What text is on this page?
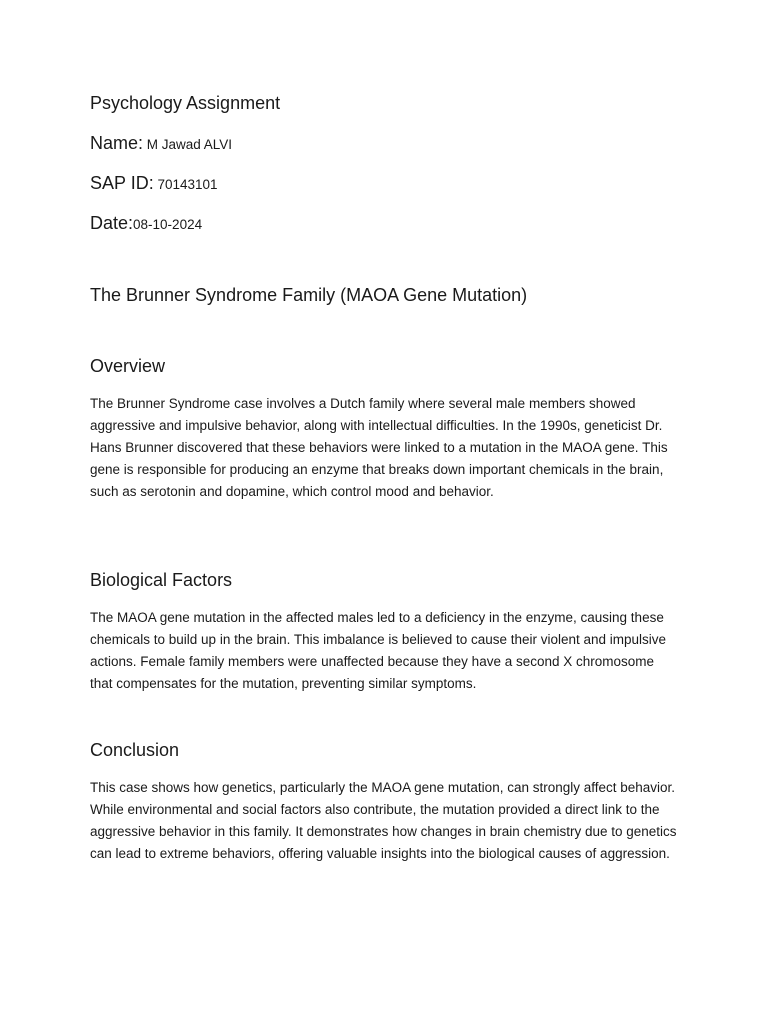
Psychology Assignment
Name: M Jawad ALVI
SAP ID: 70143101
Date:08-10-2024
The Brunner Syndrome Family (MAOA Gene Mutation)
Overview

The Brunner Syndrome case involves a Dutch family where several male members showed aggressive and impulsive behavior, along with intellectual difficulties. In the 1990s, geneticist Dr. Hans Brunner discovered that these behaviors were linked to a mutation in the MAOA gene. This gene is responsible for producing an enzyme that breaks down important chemicals in the brain, such as serotonin and dopamine, which control mood and behavior.

Biological Factors

The MAOA gene mutation in the affected males led to a deficiency in the enzyme, causing these chemicals to build up in the brain. This imbalance is believed to cause their violent and impulsive actions. Female family members were unaffected because they have a second X chromosome that compensates for the mutation, preventing similar symptoms.

Conclusion

This case shows how genetics, particularly the MAOA gene mutation, can strongly affect behavior. While environmental and social factors also contribute, the mutation provided a direct link to the aggressive behavior in this family. It demonstrates how changes in brain chemistry due to genetics can lead to extreme behaviors, offering valuable insights into the biological causes of aggression.
